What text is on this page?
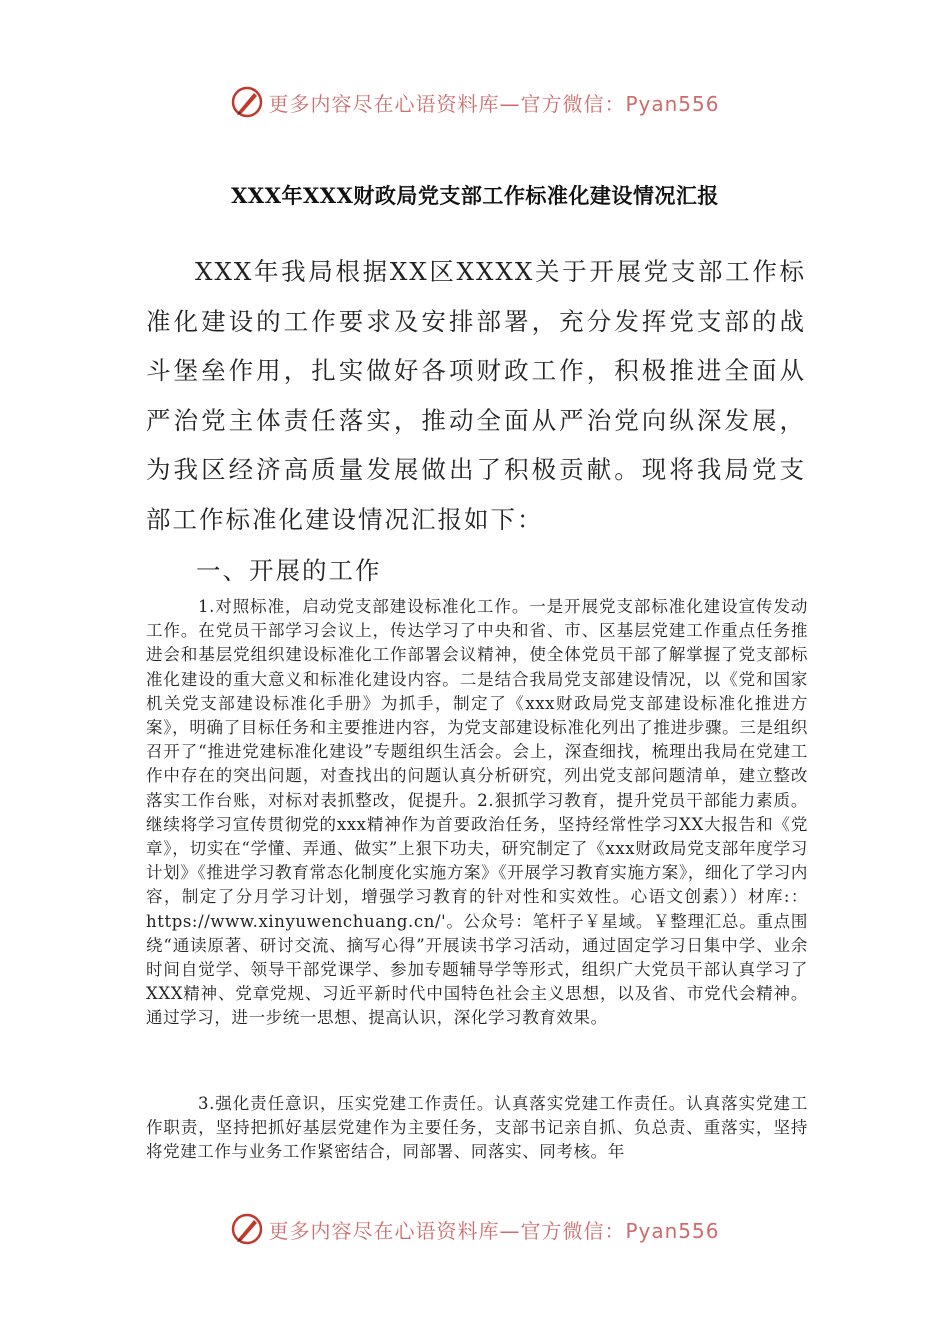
更多内容尽在心语资料库—官方微信：Pyan556
XXX年XXX财政局党支部工作标准化建设情况汇报

XXX年我局根据XX区XXXX关于开展党支部工作标准化建设的工作要求及安排部署，充分发挥党支部的战斗堡垒作用，扎实做好各项财政工作，积极推进全面从严治党主体责任落实，推动全面从严治党向纵深发展，为我区经济高质量发展做出了积极贡献。现将我局党支部工作标准化建设情况汇报如下：

一、开展的工作

1.对照标准，启动党支部建设标准化工作。一是开展党支部标准化建设宣传发动工作。在党员干部学习会议上，传达学习了中央和省、市、区基层党建工作重点任务推进会和基层党组织建设标准化工作部署会议精神，使全体党员干部了解掌握了党支部标准化建设的重大意义和标准化建设内容。二是结合我局党支部建设情况，以《党和国家机关党支部建设标准化手册》为抓手，制定了《xxx财政局党支部建设标准化推进方案》，明确了目标任务和主要推进内容，为党支部建设标准化列出了推进步骤。三是组织召开了“推进党建标准化建设”专题组织生活会。会上，深查细找，梳理出我局在党建工作中存在的突出问题，对查找出的问题认真分析研究，列出党支部问题清单，建立整改落实工作台账，对标对表抓整改，促提升。2.狠抓学习教育，提升党员干部能力素质。继续将学习宣传贯彻党的xxx精神作为首要政治任务，坚持经常性学习XX大报告和《党章》，切实在“学懂、弄通、做实”上狠下功夫，研究制定了《xxx财政局党支部年度学习计划》《推进学习教育常态化制度化实施方案》《开展学习教育实施方案》，细化了学习内容，制定了分月学习计划，增强学习教育的针对性和实效性。心语文创素））材库:：https://www.xinyuwenchuang.cn/'。公众号：笔杆子￥星域。￥整理汇总。重点围绕“通读原著、研讨交流、摘写心得”开展读书学习活动，通过固定学习日集中学、业余时间自觉学、领导干部党课学、参加专题辅导学等形式，组织广大党员干部认真学习了XXX精神、党章党规、习近平新时代中国特色社会主义思想，以及省、市党代会精神。通过学习，进一步统一思想、提高认识，深化学习教育效果。

3.强化责任意识，压实党建工作责任。认真落实党建工作责任。认真落实党建工作职责，坚持把抓好基层党建作为主要任务，支部书记亲自抓、负总责、重落实，坚持将党建工作与业务工作紧密结合，同部署、同落实、同考核。年

更多内容尽在心语资料库—官方微信：Pyan556
